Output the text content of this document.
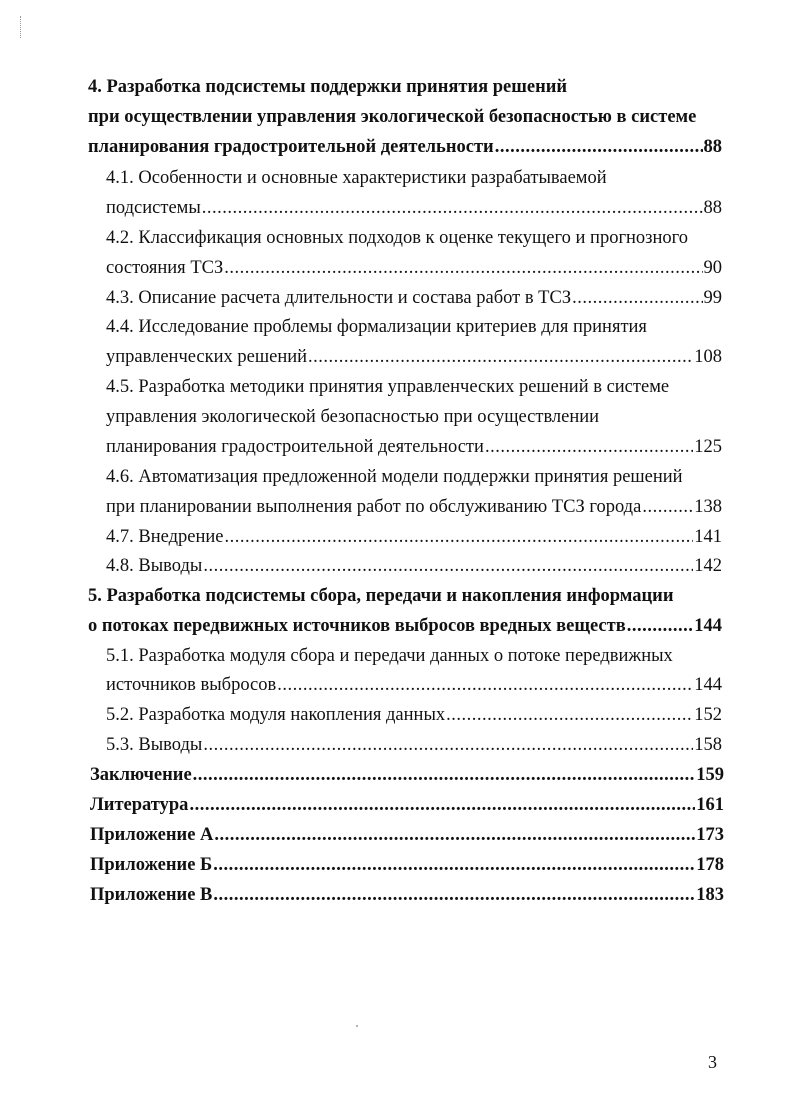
4. Разработка подсистемы поддержки принятия решений
при осуществлении управления экологической безопасностью в системе
планирования градостроительной деятельности .....	88
4.1. Особенности и основные характеристики разрабатываемой
подсистемы .....	88
4.2. Классификация основных подходов к оценке текущего и прогнозного
состояния ТСЗ .....	90
4.3. Описание расчета длительности и состава работ в ТСЗ .....	99
4.4. Исследование проблемы формализации критериев для принятия
управленческих решений .....	108
4.5. Разработка методики принятия управленческих решений в системе
управления экологической безопасностью при осуществлении
планирования градостроительной деятельности .....	125
4.6. Автоматизация предложенной модели поддержки принятия решений
при планировании выполнения работ по обслуживанию ТСЗ города .....	138
4.7. Внедрение .....	141
4.8. Выводы .....	142
5. Разработка подсистемы сбора, передачи и накопления информации
о потоках передвижных источников выбросов вредных веществ .....	144
5.1. Разработка модуля сбора и передачи данных о потоке передвижных
источников выбросов .....	144
5.2. Разработка модуля накопления данных .....	152
5.3. Выводы .....	158
Заключение .....	159
Литература .....	161
Приложение А .....	173
Приложение Б .....	178
Приложение В .....	183
3
